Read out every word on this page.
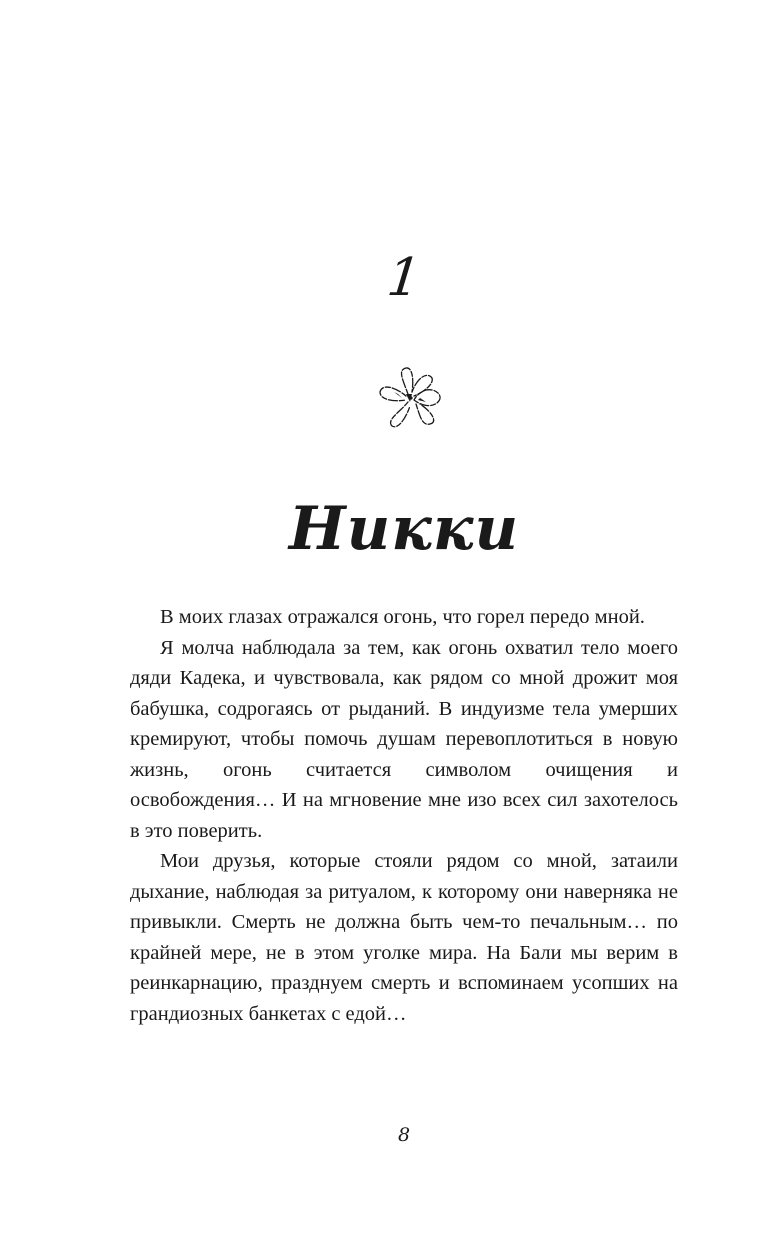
1
Никки

В моих глазах отражался огонь, что горел передо мной.

Я молча наблюдала за тем, как огонь охватил тело моего дяди Кадека, и чувствовала, как рядом со мной дрожит моя бабушка, содрогаясь от рыданий. В индуизме тела умерших кремируют, чтобы помочь душам перевоплотиться в новую жизнь, огонь считается символом очищения и освобождения… И на мгновение мне изо всех сил захотелось в это поверить.

Мои друзья, которые стояли рядом со мной, затаили дыхание, наблюдая за ритуалом, к которому они наверняка не привыкли. Смерть не должна быть чем-то печальным… по крайней мере, не в этом уголке мира. На Бали мы верим в реинкарнацию, празднуем смерть и вспоминаем усопших на грандиозных банкетах с едой…

8
